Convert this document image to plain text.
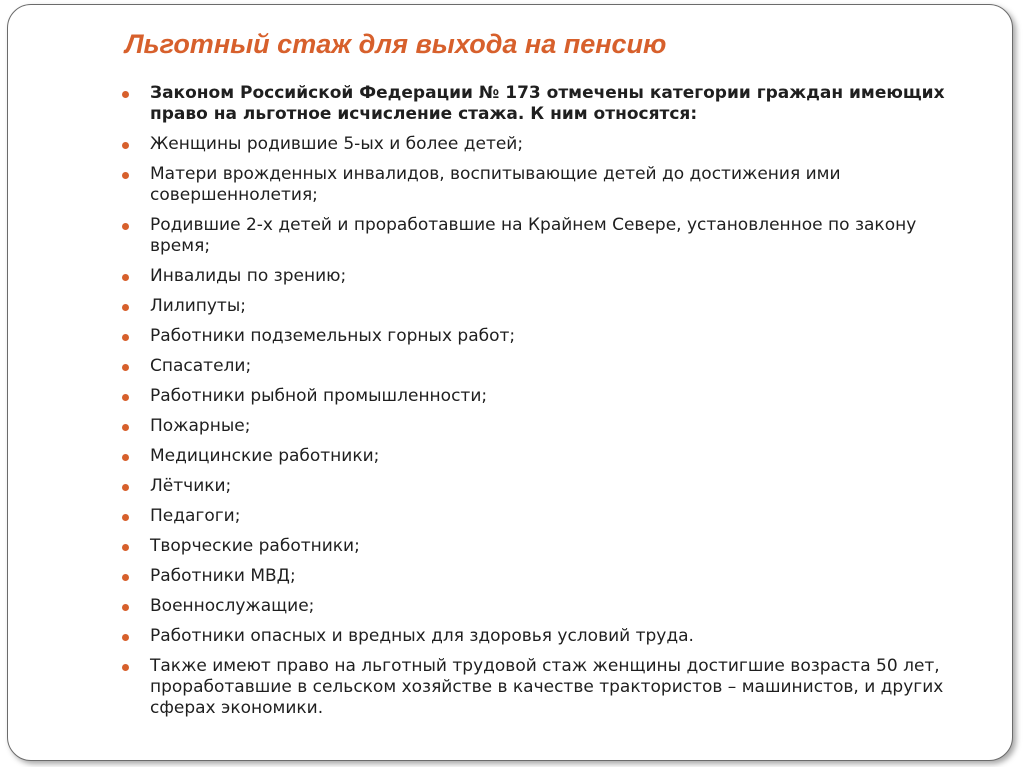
Льготный стаж для выхода на пенсию
Законом Российской Федерации № 173 отмечены категории граждан имеющих право на льготное исчисление стажа. К ним относятся:
Женщины родившие 5-ых и более детей;
Матери врожденных инвалидов, воспитывающие детей до достижения ими совершеннолетия;
Родившие 2-х детей и проработавшие на Крайнем Севере, установленное по закону время;
Инвалиды по зрению;
Лилипуты;
Работники подземельных горных работ;
Спасатели;
Работники рыбной промышленности;
Пожарные;
Медицинские работники;
Лётчики;
Педагоги;
Творческие работники;
Работники МВД;
Военнослужащие;
Работники опасных и вредных для здоровья условий труда.
Также имеют право на льготный трудовой стаж женщины достигшие возраста 50 лет, проработавшие в сельском хозяйстве в качестве трактористов – машинистов, и других сферах экономики.
